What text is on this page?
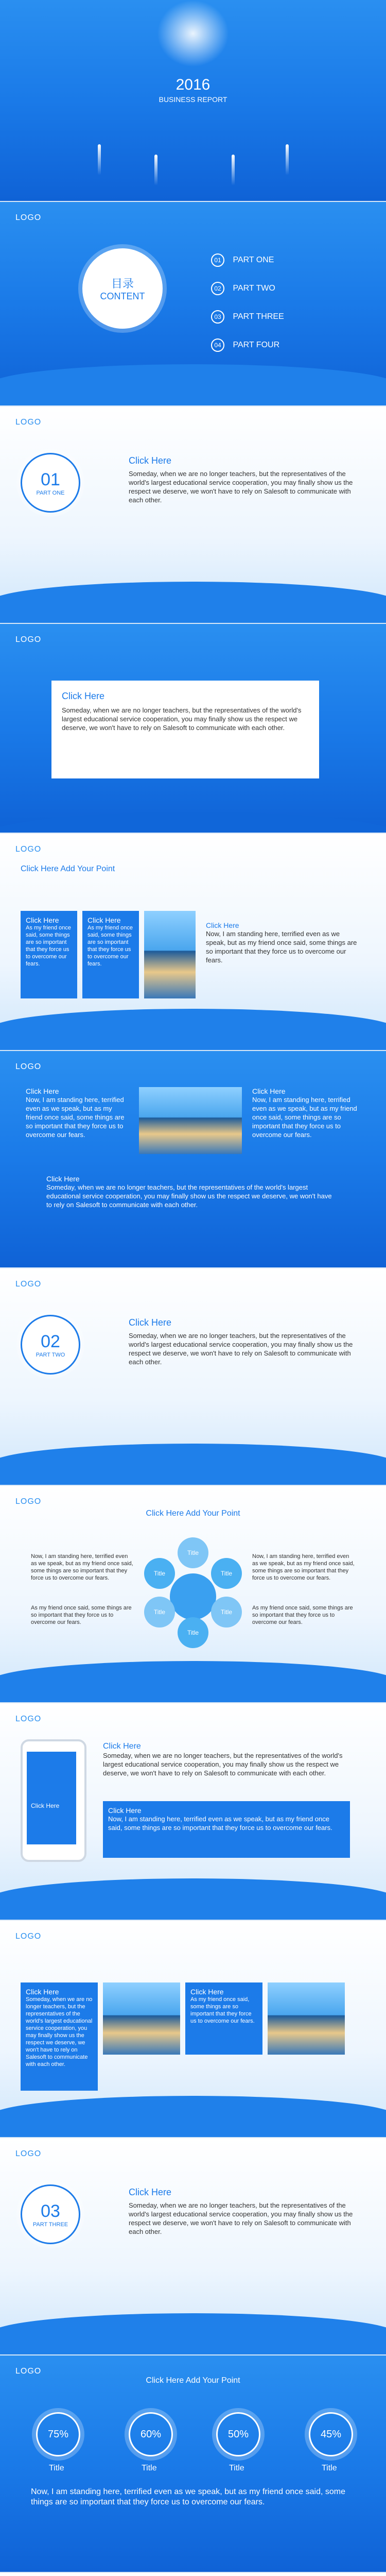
2016
BUSINESS REPORT
LOGO
目录
CONTENT
01 PART ONE
02 PART TWO
03 PART THREE
04 PART FOUR
LOGO
01
PART ONE
Click Here
Someday, when we are no longer teachers, but the representatives of the world's largest educational service cooperation, you may finally show us the respect we deserve, we won't have to rely on Salesoft to communicate with each other.
LOGO
Click Here
Someday, when we are no longer teachers, but the representatives of the world's largest educational service cooperation, you may finally show us the respect we deserve, we won't have to rely on Salesoft to communicate with each other.
LOGO
Click Here Add Your Point
Click Here
As my friend once said, some things are so important that they force us to overcome our fears.
Click Here
As my friend once said, some things are so important that they force us to overcome our fears.
Click Here
Now, I am standing here, terrified even as we speak, but as my friend once said, some things are so important that they force us to overcome our fears.
LOGO
Click Here
Now, I am standing here, terrified even as we speak, but as my friend once said, some things are so important that they force us to overcome our fears.
Click Here
Now, I am standing here, terrified even as we speak, but as my friend once said, some things are so important that they force us to overcome our fears.
Click Here
Someday, when we are no longer teachers, but the representatives of the world's largest educational service cooperation, you may finally show us the respect we deserve, we won't have to rely on Salesoft to communicate with each other.
LOGO
02
PART TWO
Click Here
Someday, when we are no longer teachers, but the representatives of the world's largest educational service cooperation, you may finally show us the respect we deserve, we won't have to rely on Salesoft to communicate with each other.
LOGO
Click Here Add Your Point
Title
Title
Title
Title
Title
Title
Now, I am standing here, terrified even as we speak, but as my friend once said, some things are so important that they force us to overcome our fears.
Now, I am standing here, terrified even as we speak, but as my friend once said, some things are so important that they force us to overcome our fears.
As my friend once said, some things are so important that they force us to overcome our fears.
As my friend once said, some things are so important that they force us to overcome our fears.
LOGO
Click Here
Click Here
Someday, when we are no longer teachers, but the representatives of the world's largest educational service cooperation, you may finally show us the respect we deserve, we won't have to rely on Salesoft to communicate with each other.
Click Here
Now, I am standing here, terrified even as we speak, but as my friend once said, some things are so important that they force us to overcome our fears.
LOGO
Click Here
Someday, when we are no longer teachers, but the representatives of the world's largest educational service cooperation, you may finally show us the respect we deserve, we won't have to rely on Salesoft to communicate with each other.
Click Here
As my friend once said, some things are so important that they force us to overcome our fears.
LOGO
03
PART THREE
Click Here
Someday, when we are no longer teachers, but the representatives of the world's largest educational service cooperation, you may finally show us the respect we deserve, we won't have to rely on Salesoft to communicate with each other.
LOGO
Click Here Add Your Point
75%	60%	50%	45%
Title	Title	Title	Title
Now, I am standing here, terrified even as we speak, but as my friend once said, some things are so important that they force us to overcome our fears.
